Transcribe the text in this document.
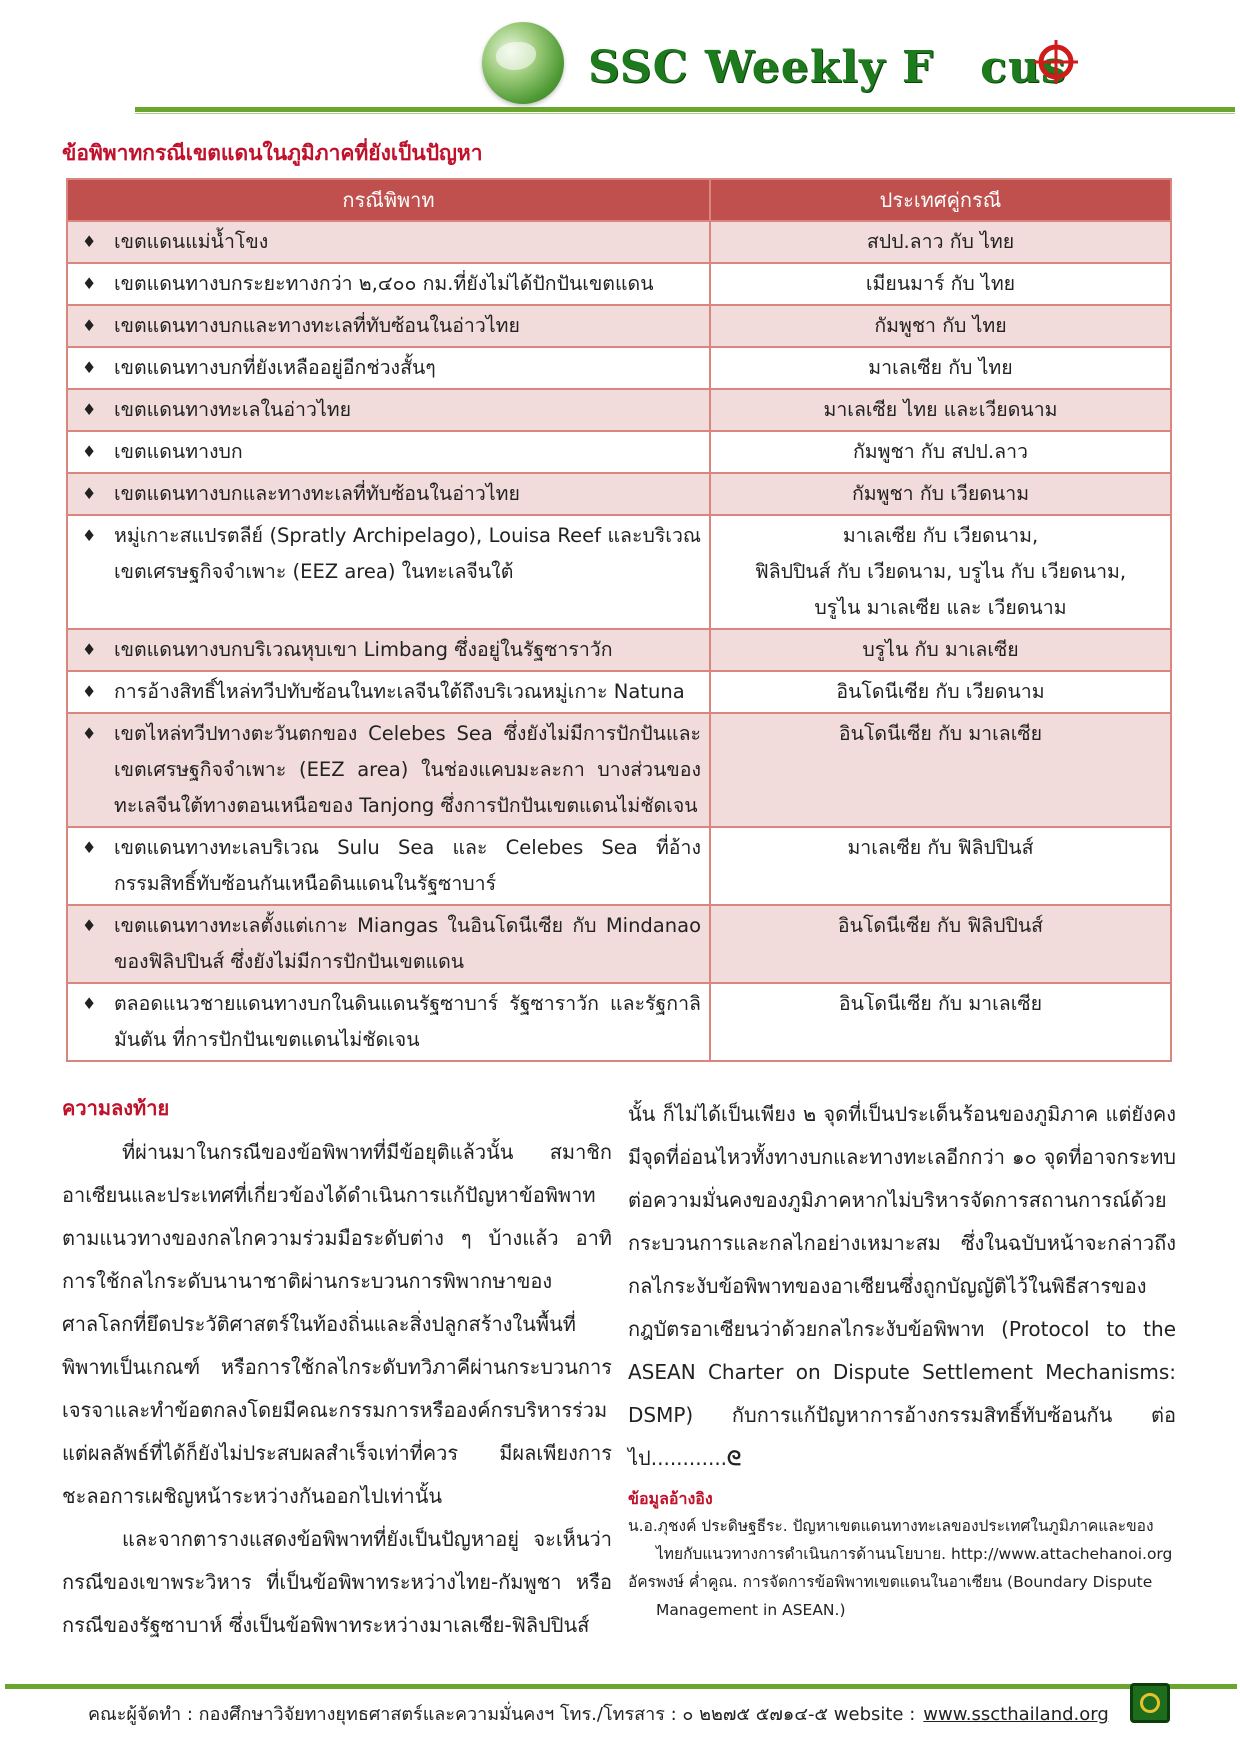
SSC Weekly F cus
ข้อพิพาทกรณีเขตแดนในภูมิภาคที่ยังเป็นปัญหา
กรณีพิพาท	ประเทศคู่กรณี

♦ เขตแดนแม่น้ำโขง	สปป.ลาว กับ ไทย

♦ เขตแดนทางบกระยะทางกว่า ๒,๔๐๐ กม.ที่ยังไม่ได้ปักปันเขตแดน	เมียนมาร์ กับ ไทย

♦ เขตแดนทางบกและทางทะเลที่ทับซ้อนในอ่าวไทย	กัมพูชา กับ ไทย

♦ เขตแดนทางบกที่ยังเหลืออยู่อีกช่วงสั้นๆ	มาเลเซีย กับ ไทย

♦ เขตแดนทางทะเลในอ่าวไทย	มาเลเซีย ไทย และเวียดนาม

♦ เขตแดนทางบก	กัมพูชา กับ สปป.ลาว

♦ เขตแดนทางบกและทางทะเลที่ทับซ้อนในอ่าวไทย	กัมพูชา กับ เวียดนาม

♦ หมู่เกาะสแปรตลีย์ (Spratly Archipelago), Louisa Reef และบริเวณเขตเศรษฐกิจจำเพาะ (EEZ area) ในทะเลจีนใต้	มาเลเซีย กับ เวียดนาม,
ฟิลิปปินส์ กับ เวียดนาม, บรูไน กับ เวียดนาม,
บรูไน มาเลเซีย และ เวียดนาม

♦ เขตแดนทางบกบริเวณหุบเขา Limbang ซึ่งอยู่ในรัฐซาราวัก	บรูไน กับ มาเลเซีย

♦ การอ้างสิทธิ์ไหล่ทวีปทับซ้อนในทะเลจีนใต้ถึงบริเวณหมู่เกาะ Natuna	อินโดนีเซีย กับ เวียดนาม

♦ เขตไหล่ทวีปทางตะวันตกของ Celebes Sea ซึ่งยังไม่มีการปักปันและเขตเศรษฐกิจจำเพาะ (EEZ area) ในช่องแคบมะละกา บางส่วนของทะเลจีนใต้ทางตอนเหนือของ Tanjong ซึ่งการปักปันเขตแดนไม่ชัดเจน	อินโดนีเซีย กับ มาเลเซีย

♦ เขตแดนทางทะเลบริเวณ Sulu Sea และ Celebes Sea ที่อ้างกรรมสิทธิ์ทับซ้อนกันเหนือดินแดนในรัฐซาบาร์	มาเลเซีย กับ ฟิลิปปินส์

♦ เขตแดนทางทะเลตั้งแต่เกาะ Miangas ในอินโดนีเซีย กับ Mindanao ของฟิลิปปินส์ ซึ่งยังไม่มีการปักปันเขตแดน	อินโดนีเซีย กับ ฟิลิปปินส์

♦ ตลอดแนวชายแดนทางบกในดินแดนรัฐซาบาร์ รัฐซาราวัก และรัฐกาลิมันตัน ที่การปักปันเขตแดนไม่ชัดเจน	อินโดนีเซีย กับ มาเลเซีย
ความลงท้าย

ที่ผ่านมาในกรณีของข้อพิพาทที่มีข้อยุติแล้วนั้น สมาชิกอาเซียนและประเทศที่เกี่ยวข้องได้ดำเนินการแก้ปัญหาข้อพิพาทตามแนวทางของกลไกความร่วมมือระดับต่าง ๆ บ้างแล้ว อาทิ การใช้กลไกระดับนานาชาติผ่านกระบวนการพิพากษาของศาลโลกที่ยึดประวัติศาสตร์ในท้องถิ่นและสิ่งปลูกสร้างในพื้นที่พิพาทเป็นเกณฑ์ หรือการใช้กลไกระดับทวิภาคีผ่านกระบวนการเจรจาและทำข้อตกลงโดยมีคณะกรรมการหรือองค์กรบริหารร่วม แต่ผลลัพธ์ที่ได้ก็ยังไม่ประสบผลสำเร็จเท่าที่ควร มีผลเพียงการชะลอการเผชิญหน้าระหว่างกันออกไปเท่านั้น

และจากตารางแสดงข้อพิพาทที่ยังเป็นปัญหาอยู่ จะเห็นว่ากรณีของเขาพระวิหาร ที่เป็นข้อพิพาทระหว่างไทย-กัมพูชา หรือกรณีของรัฐซาบาห์ ซึ่งเป็นข้อพิพาทระหว่างมาเลเซีย-ฟิลิปปินส์

นั้น ก็ไม่ได้เป็นเพียง ๒ จุดที่เป็นประเด็นร้อนของภูมิภาค แต่ยังคงมีจุดที่อ่อนไหวทั้งทางบกและทางทะเลอีกกว่า ๑๐ จุดที่อาจกระทบต่อความมั่นคงของภูมิภาคหากไม่บริหารจัดการสถานการณ์ด้วยกระบวนการและกลไกอย่างเหมาะสม ซึ่งในฉบับหน้าจะกล่าวถึงกลไกระงับข้อพิพาทของอาเซียนซึ่งถูกบัญญัติไว้ในพิธีสารของกฎบัตรอาเซียนว่าด้วยกลไกระงับข้อพิพาท (Protocol to the ASEAN Charter on Dispute Settlement Mechanisms: DSMP) กับการแก้ปัญหาการอ้างกรรมสิทธิ์ทับซ้อนกัน ต่อไป............ᘓ

ข้อมูลอ้างอิง
น.อ.ภุชงค์ ประดิษฐธีระ. ปัญหาเขตแดนทางทะเลของประเทศในภูมิภาคและของไทยกับแนวทางการดำเนินการด้านนโยบาย. http://www.attachehanoi.org
อัครพงษ์ ค่ำคูณ. การจัดการข้อพิพาทเขตแดนในอาเซียน (Boundary Dispute Management in ASEAN.)
คณะผู้จัดทำ : กองศึกษาวิจัยทางยุทธศาสตร์และความมั่นคงฯ โทร./โทรสาร : ๐ ๒๒๗๕ ๕๗๑๔-๕ website : www.sscthailand.org
